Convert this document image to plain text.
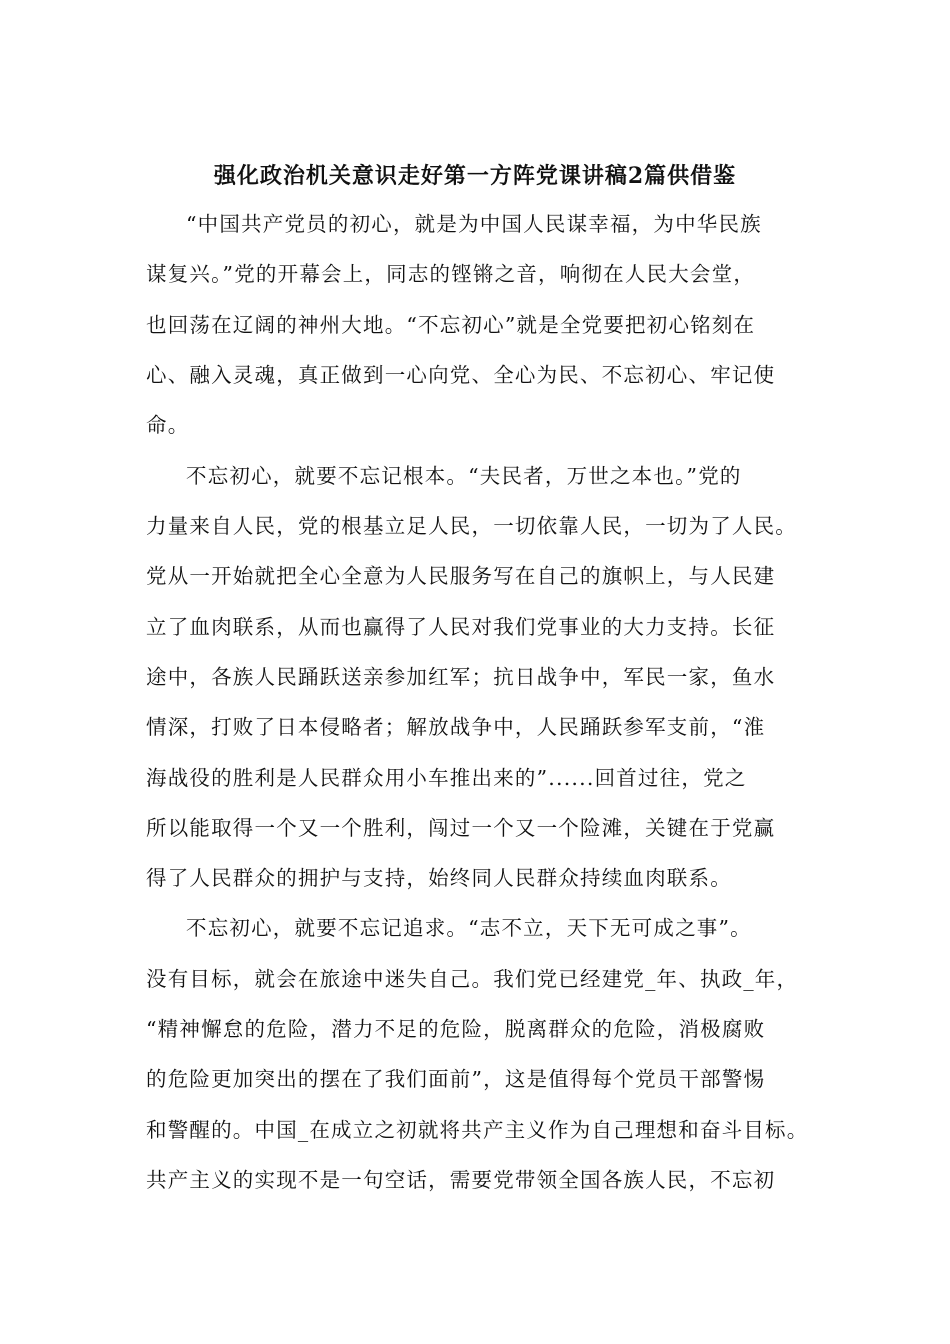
强化政治机关意识走好第一方阵党课讲稿2篇供借鉴
“中国共产党员的初心，就是为中国人民谋幸福，为中华民族
谋复兴。”党的开幕会上，同志的铿锵之音，响彻在人民大会堂，
也回荡在辽阔的神州大地。“不忘初心”就是全党要把初心铭刻在
心、融入灵魂，真正做到一心向党、全心为民、不忘初心、牢记使
命。
不忘初心，就要不忘记根本。“夫民者，万世之本也。”党的
力量来自人民，党的根基立足人民，一切依靠人民，一切为了人民。
党从一开始就把全心全意为人民服务写在自己的旗帜上，与人民建
立了血肉联系，从而也赢得了人民对我们党事业的大力支持。长征
途中，各族人民踊跃送亲参加红军；抗日战争中，军民一家，鱼水
情深，打败了日本侵略者；解放战争中，人民踊跃参军支前，“淮
海战役的胜利是人民群众用小车推出来的”......回首过往，党之
所以能取得一个又一个胜利，闯过一个又一个险滩，关键在于党赢
得了人民群众的拥护与支持，始终同人民群众持续血肉联系。
不忘初心，就要不忘记追求。“志不立，天下无可成之事”。
没有目标，就会在旅途中迷失自己。我们党已经建党_年、执政_年，
“精神懈怠的危险，潜力不足的危险，脱离群众的危险，消极腐败
的危险更加突出的摆在了我们面前”，这是值得每个党员干部警惕
和警醒的。中国_在成立之初就将共产主义作为自己理想和奋斗目标。
共产主义的实现不是一句空话，需要党带领全国各族人民，不忘初
